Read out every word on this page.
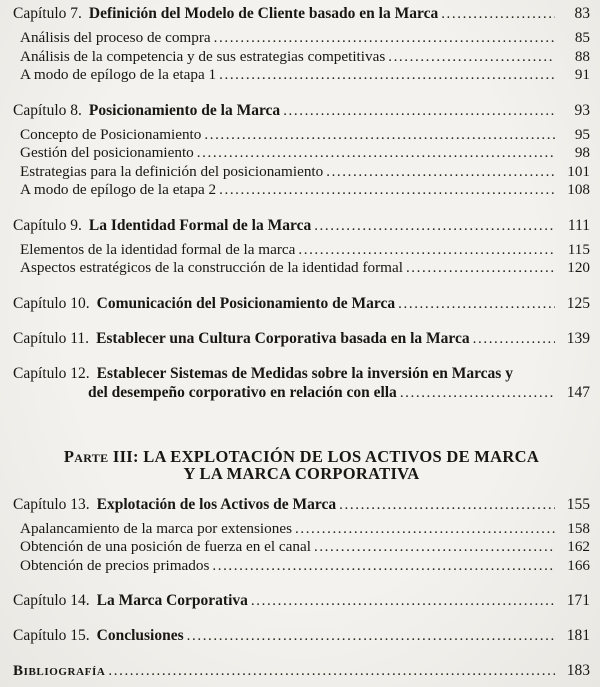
Capítulo 7. Definición del Modelo de Cliente basado en la Marca .....	83
Análisis del proceso de compra .....	85
Análisis de la competencia y de sus estrategias competitivas .....	88
A modo de epílogo de la etapa 1 .....	91
Capítulo 8. Posicionamiento de la Marca .....	93
Concepto de Posicionamiento .....	95
Gestión del posicionamiento .....	98
Estrategias para la definición del posicionamiento .....	101
A modo de epílogo de la etapa 2 .....	108
Capítulo 9. La Identidad Formal de la Marca .....	111
Elementos de la identidad formal de la marca .....	115
Aspectos estratégicos de la construcción de la identidad formal .....	120
Capítulo 10. Comunicación del Posicionamiento de Marca .....	125
Capítulo 11. Establecer una Cultura Corporativa basada en la Marca .....	139
Capítulo 12. Establecer Sistemas de Medidas sobre la inversión en Marcas y
del desempeño corporativo en relación con ella .....	147
Parte III: LA EXPLOTACIÓN DE LOS ACTIVOS DE MARCA
Y LA MARCA CORPORATIVA
Capítulo 13. Explotación de los Activos de Marca .....	155
Apalancamiento de la marca por extensiones .....	158
Obtención de una posición de fuerza en el canal .....	162
Obtención de precios primados .....	166
Capítulo 14. La Marca Corporativa .....	171
Capítulo 15. Conclusiones .....	181
Bibliografía .....	183
